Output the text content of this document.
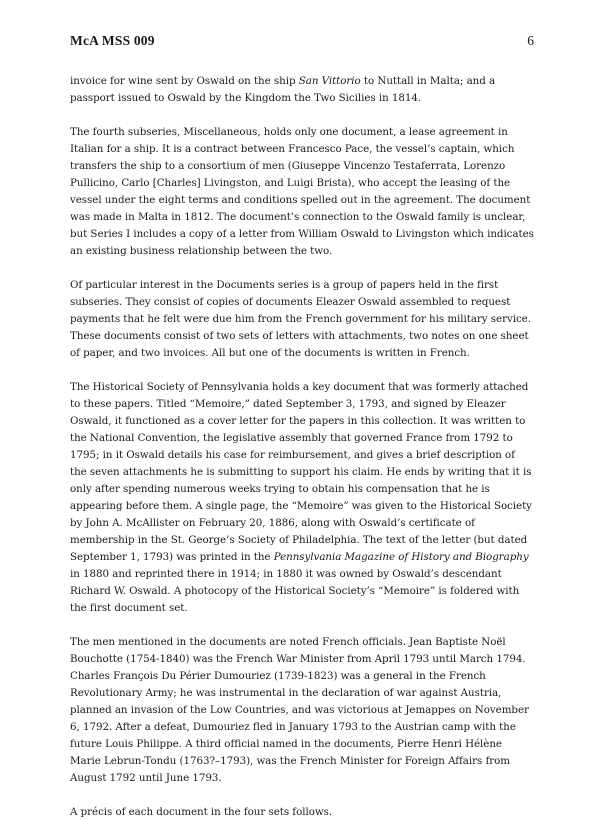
McA MSS 009	6

invoice for wine sent by Oswald on the ship San Vittorio to Nuttall in Malta; and a passport issued to Oswald by the Kingdom the Two Sicilies in 1814.

The fourth subseries, Miscellaneous, holds only one document, a lease agreement in Italian for a ship. It is a contract between Francesco Pace, the vessel’s captain, which transfers the ship to a consortium of men (Giuseppe Vincenzo Testaferrata, Lorenzo Pullicino, Carlo [Charles] Livingston, and Luigi Brista), who accept the leasing of the vessel under the eight terms and conditions spelled out in the agreement. The document was made in Malta in 1812. The document’s connection to the Oswald family is unclear, but Series I includes a copy of a letter from William Oswald to Livingston which indicates an existing business relationship between the two.

Of particular interest in the Documents series is a group of papers held in the first subseries. They consist of copies of documents Eleazer Oswald assembled to request payments that he felt were due him from the French government for his military service. These documents consist of two sets of letters with attachments, two notes on one sheet of paper, and two invoices. All but one of the documents is written in French.

The Historical Society of Pennsylvania holds a key document that was formerly attached to these papers. Titled “Memoire,” dated September 3, 1793, and signed by Eleazer Oswald, it functioned as a cover letter for the papers in this collection. It was written to the National Convention, the legislative assembly that governed France from 1792 to 1795; in it Oswald details his case for reimbursement, and gives a brief description of the seven attachments he is submitting to support his claim. He ends by writing that it is only after spending numerous weeks trying to obtain his compensation that he is appearing before them. A single page, the “Memoire” was given to the Historical Society by John A. McAllister on February 20, 1886, along with Oswald’s certificate of membership in the St. George’s Society of Philadelphia. The text of the letter (but dated September 1, 1793) was printed in the Pennsylvania Magazine of History and Biography in 1880 and reprinted there in 1914; in 1880 it was owned by Oswald’s descendant Richard W. Oswald. A photocopy of the Historical Society’s “Memoire” is foldered with the first document set.

The men mentioned in the documents are noted French officials. Jean Baptiste Noël Bouchotte (1754-1840) was the French War Minister from April 1793 until March 1794. Charles François Du Périer Dumouriez (1739-1823) was a general in the French Revolutionary Army; he was instrumental in the declaration of war against Austria, planned an invasion of the Low Countries, and was victorious at Jemappes on November 6, 1792. After a defeat, Dumouriez fled in January 1793 to the Austrian camp with the future Louis Philippe. A third official named in the documents, Pierre Henri Hélène Marie Lebrun-Tondu (1763?–1793), was the French Minister for Foreign Affairs from August 1792 until June 1793.

A précis of each document in the four sets follows.
